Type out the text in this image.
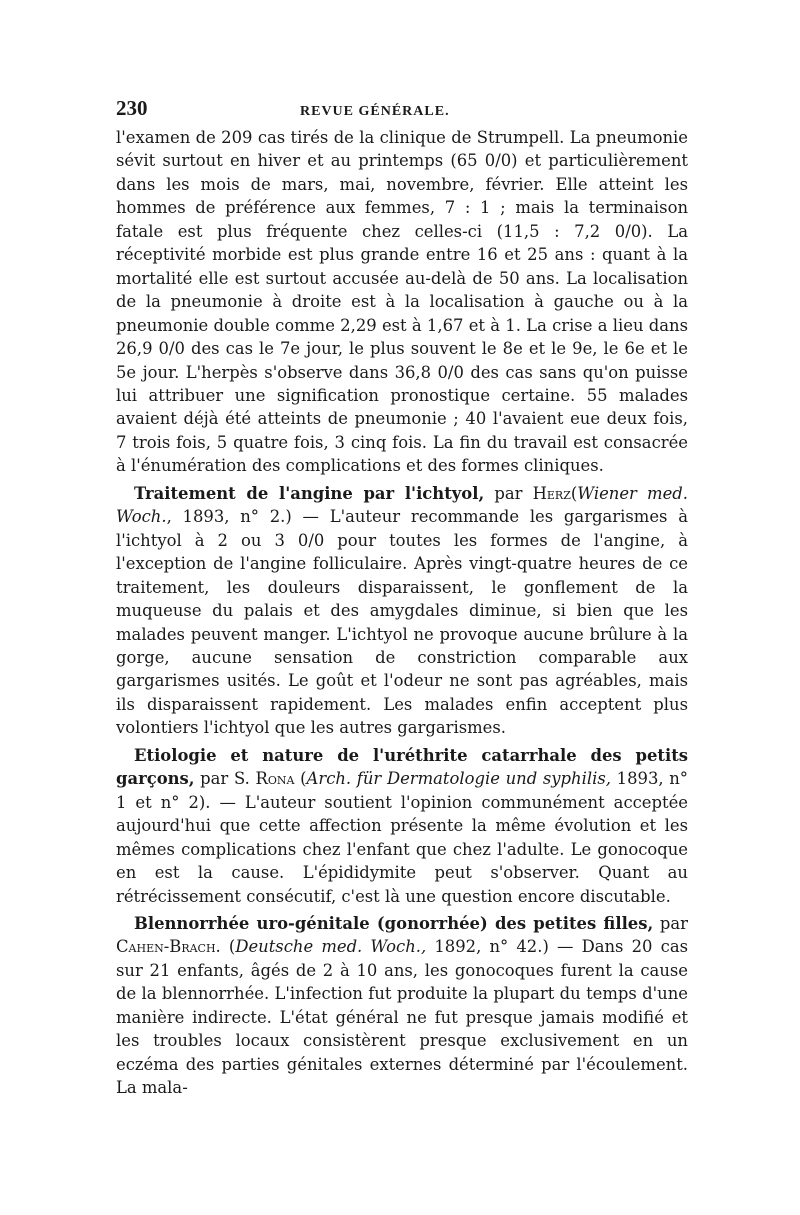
230	REVUE GÉNÉRALE.

l'examen de 209 cas tirés de la clinique de Strumpell. La pneumonie sévit surtout en hiver et au printemps (65 0/0) et particulièrement dans les mois de mars, mai, novembre, février. Elle atteint les hommes de préférence aux femmes, 7 : 1 ; mais la terminaison fatale est plus fréquente chez celles-ci (11,5 : 7,2 0/0). La réceptivité morbide est plus grande entre 16 et 25 ans : quant à la mortalité elle est surtout accusée au-delà de 50 ans. La localisation de la pneumonie à droite est à la localisation à gauche ou à la pneumonie double comme 2,29 est à 1,67 et à 1. La crise a lieu dans 26,9 0/0 des cas le 7e jour, le plus souvent le 8e et le 9e, le 6e et le 5e jour. L'herpès s'observe dans 36,8 0/0 des cas sans qu'on puisse lui attribuer une signification pronostique certaine. 55 malades avaient déjà été atteints de pneumonie ; 40 l'avaient eue deux fois, 7 trois fois, 5 quatre fois, 3 cinq fois. La fin du travail est consacrée à l'énumération des complications et des formes cliniques.

Traitement de l'angine par l'ichtyol, par Herz(Wiener med. Woch., 1893, n° 2.) — L'auteur recommande les gargarismes à l'ichtyol à 2 ou 3 0/0 pour toutes les formes de l'angine, à l'exception de l'angine folliculaire. Après vingt-quatre heures de ce traitement, les douleurs disparaissent, le gonflement de la muqueuse du palais et des amygdales diminue, si bien que les malades peuvent manger. L'ichtyol ne provoque aucune brûlure à la gorge, aucune sensation de constriction comparable aux gargarismes usités. Le goût et l'odeur ne sont pas agréables, mais ils disparaissent rapidement. Les malades enfin acceptent plus volontiers l'ichtyol que les autres gargarismes.

Etiologie et nature de l'uréthrite catarrhale des petits garçons, par S. Rona (Arch. für Dermatologie und syphilis, 1893, n° 1 et n° 2). — L'auteur soutient l'opinion communément acceptée aujourd'hui que cette affection présente la même évolution et les mêmes complications chez l'enfant que chez l'adulte. Le gonocoque en est la cause. L'épididymite peut s'observer. Quant au rétrécissement consécutif, c'est là une question encore discutable.

Blennorrhée uro-génitale (gonorrhée) des petites filles, par Cahen-Brach. (Deutsche med. Woch., 1892, n° 42.) — Dans 20 cas sur 21 enfants, âgés de 2 à 10 ans, les gonocoques furent la cause de la blennorrhée. L'infection fut produite la plupart du temps d'une manière indirecte. L'état général ne fut presque jamais modifié et les troubles locaux consistèrent presque exclusivement en un eczéma des parties génitales externes déterminé par l'écoulement. La mala-
